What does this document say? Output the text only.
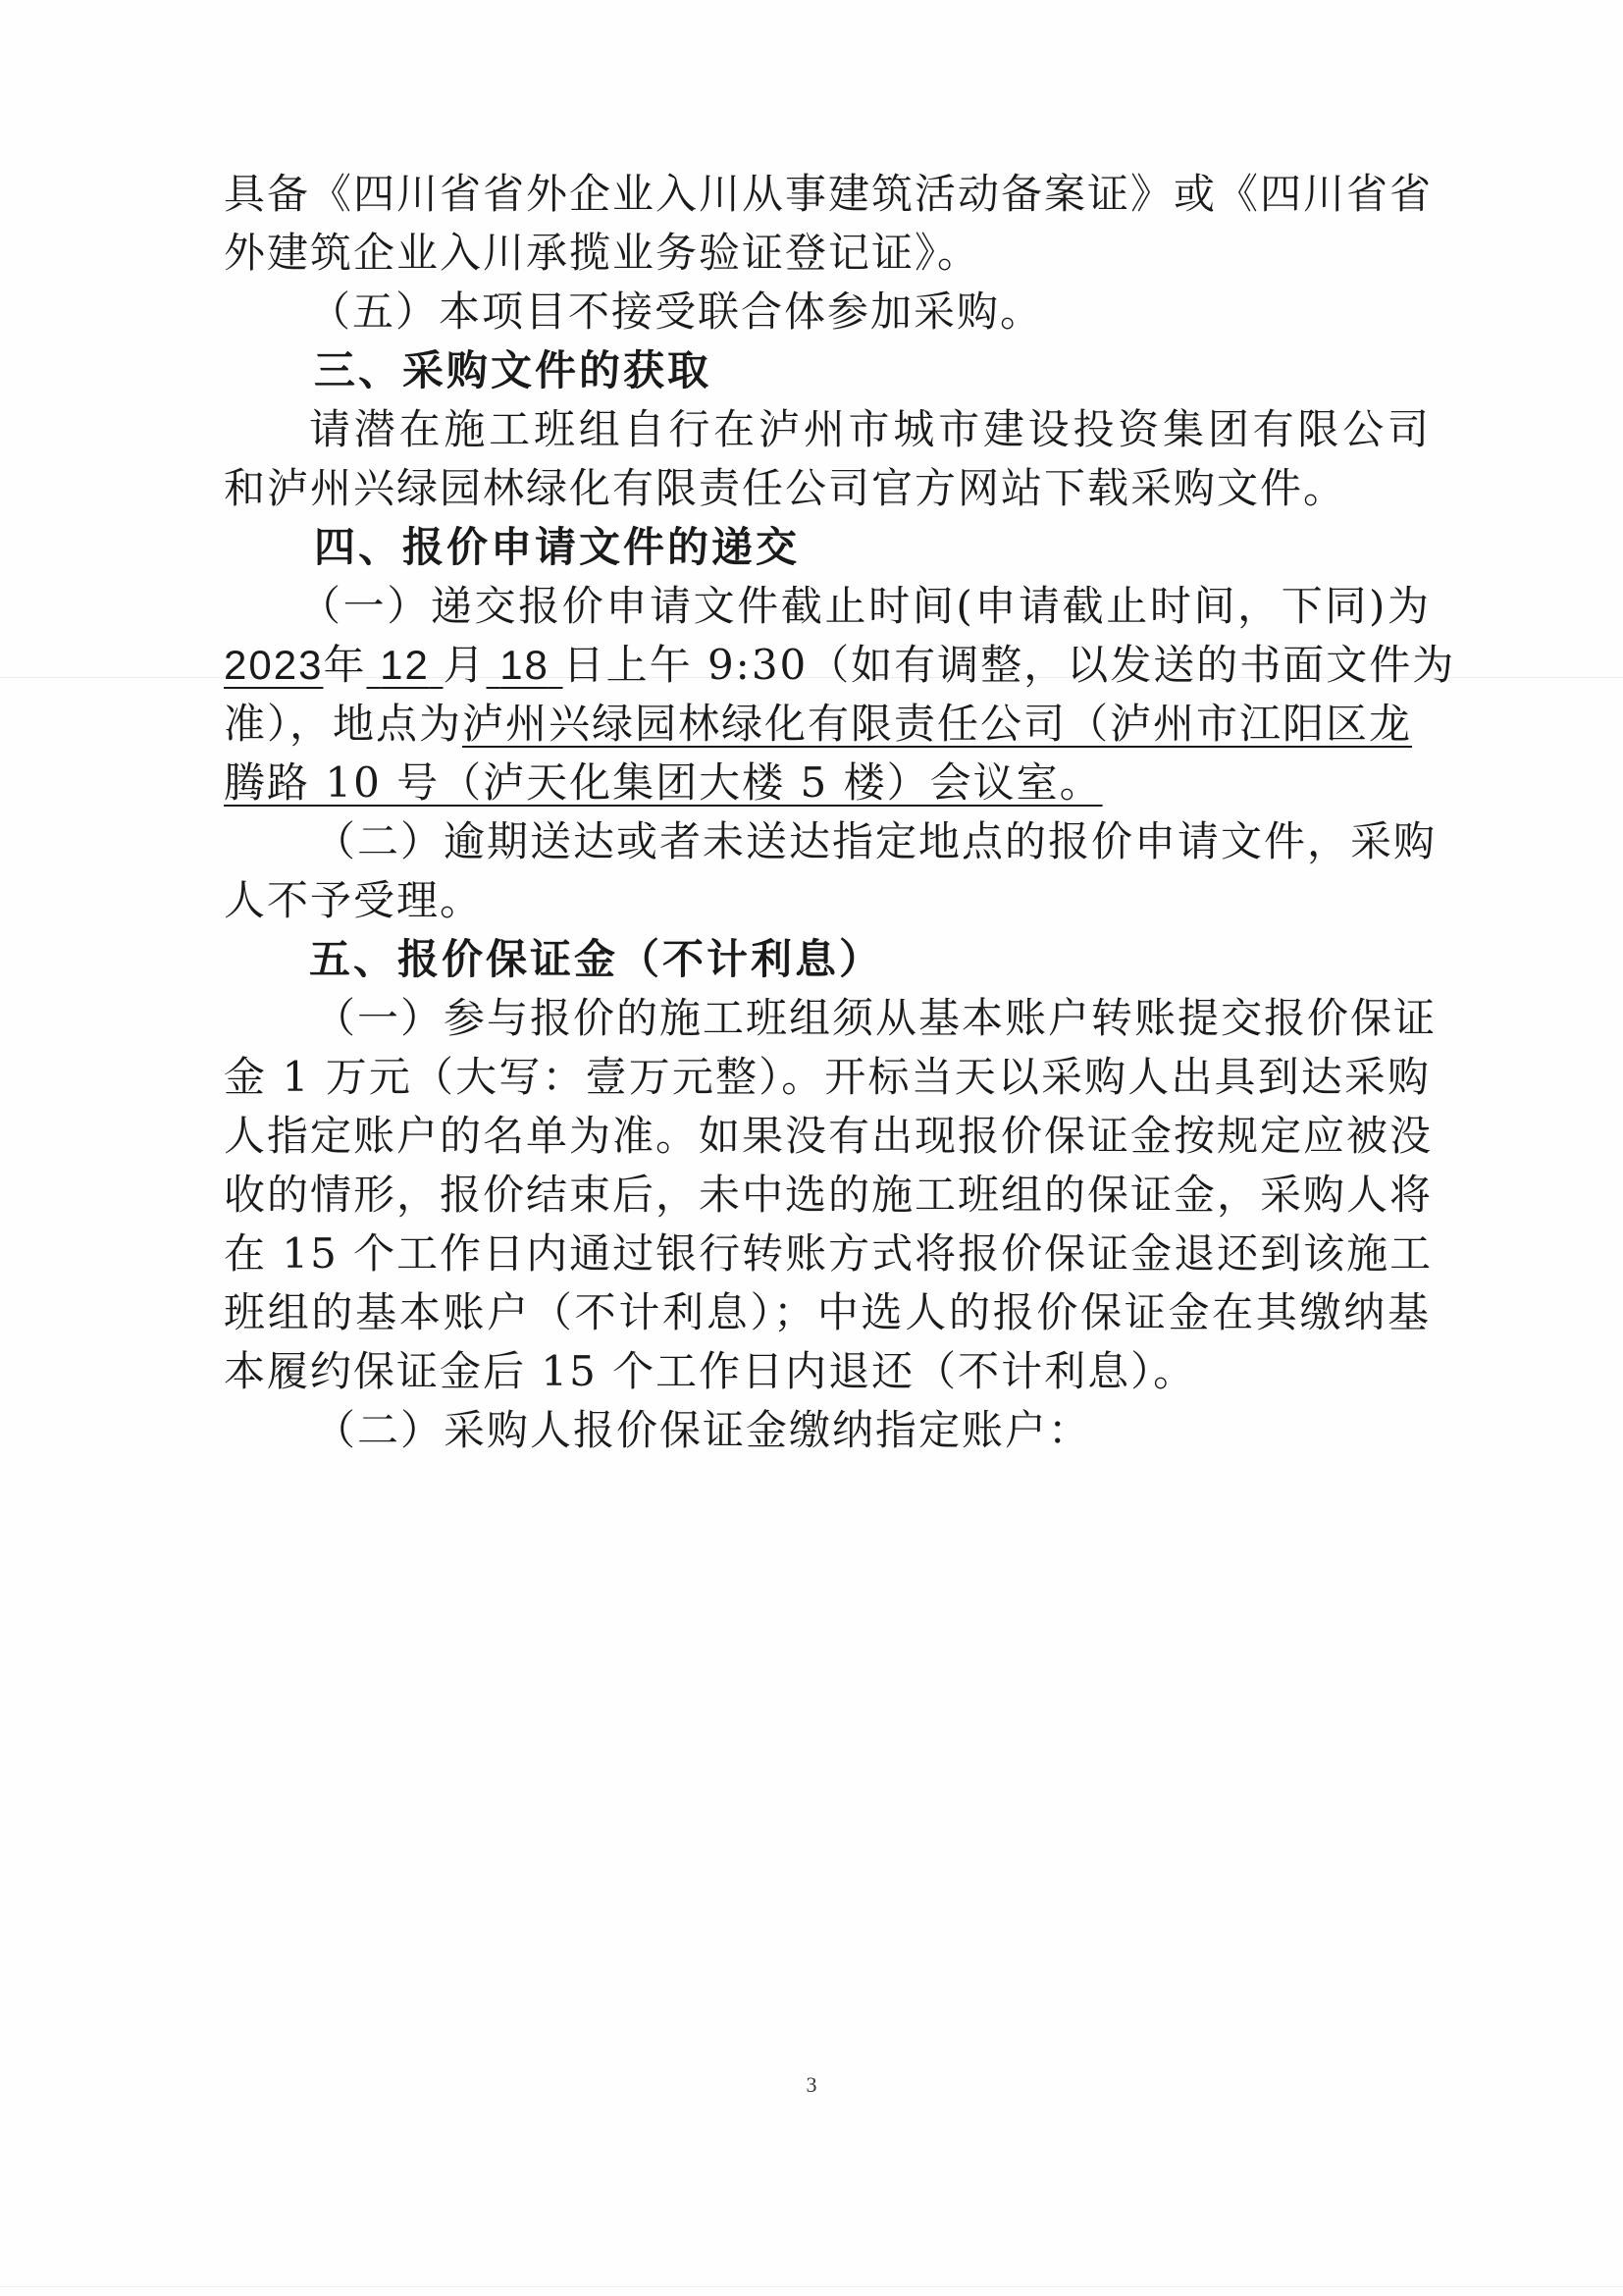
具备《四川省省外企业入川从事建筑活动备案证》或《四川省省
外建筑企业入川承揽业务验证登记证》。
（五）本项目不接受联合体参加采购。
三、采购文件的获取
请潜在施工班组自行在泸州市城市建设投资集团有限公司
和泸州兴绿园林绿化有限责任公司官方网站下载采购文件。
四、报价申请文件的递交
（一）递交报价申请文件截止时间(申请截止时间，下同)为
2023年 12 月 18 日上午 9:30（如有调整，以发送的书面文件为
准），地点为泸州兴绿园林绿化有限责任公司（泸州市江阳区龙
腾路 10 号（泸天化集团大楼 5 楼）会议室。
（二）逾期送达或者未送达指定地点的报价申请文件，采购
人不予受理。
五、报价保证金（不计利息）
（一）参与报价的施工班组须从基本账户转账提交报价保证
金 1 万元（大写：壹万元整）。开标当天以采购人出具到达采购
人指定账户的名单为准。如果没有出现报价保证金按规定应被没
收的情形，报价结束后，未中选的施工班组的保证金，采购人将
在 15 个工作日内通过银行转账方式将报价保证金退还到该施工
班组的基本账户（不计利息）；中选人的报价保证金在其缴纳基
本履约保证金后 15 个工作日内退还（不计利息）。
（二）采购人报价保证金缴纳指定账户：
3
